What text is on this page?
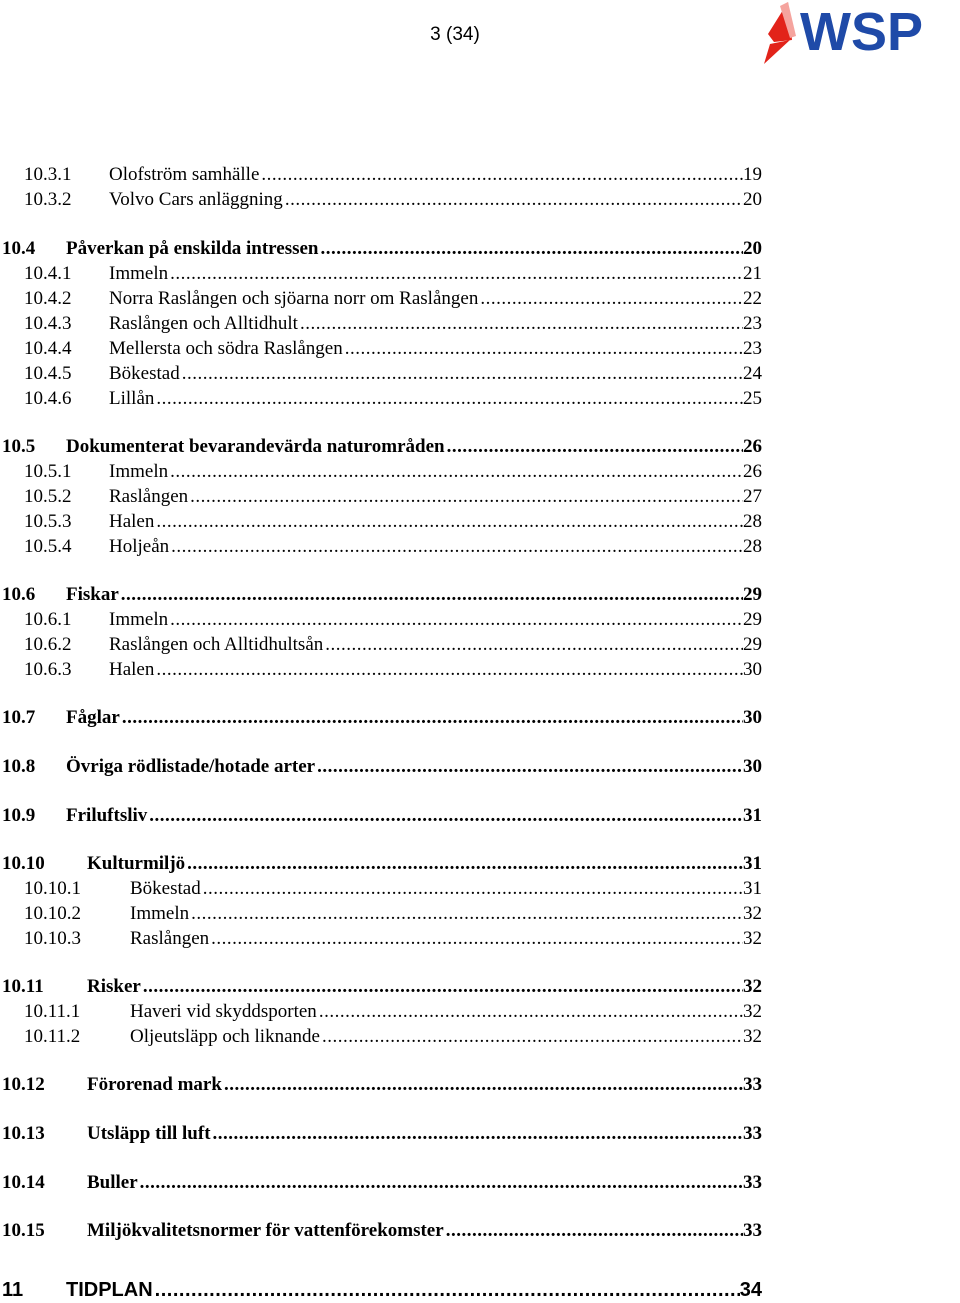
3 (34)	WSP
10.3.1 Olofström samhälle .....	19
10.3.2 Volvo Cars anläggning .....	20
10.4 Påverkan på enskilda intressen .....	20
10.4.1 Immeln .....	21
10.4.2 Norra Raslången och sjöarna norr om Raslången .....	22
10.4.3 Raslången och Alltidhult .....	23
10.4.4 Mellersta och södra Raslången .....	23
10.4.5 Bökestad .....	24
10.4.6 Lillån .....	25
10.5 Dokumenterat bevarandevärda naturområden .....	26
10.5.1 Immeln .....	26
10.5.2 Raslången .....	27
10.5.3 Halen .....	28
10.5.4 Holjeån .....	28
10.6 Fiskar .....	29
10.6.1 Immeln .....	29
10.6.2 Raslången och Alltidhultsån .....	29
10.6.3 Halen .....	30
10.7 Fåglar .....	30
10.8 Övriga rödlistade/hotade arter .....	30
10.9 Friluftsliv .....	31
10.10 Kulturmiljö .....	31
10.10.1	Bökestad .....	31
10.10.2	Immeln .....	32
10.10.3	Raslången .....	32
10.11 Risker .....	32
10.11.1	Haveri vid skyddsporten .....	32
10.11.2	Oljeutsläpp och liknande .....	32
10.12 Förorenad mark .....	33
10.13 Utsläpp till luft .....	33
10.14 Buller .....	33
10.15 Miljökvalitetsnormer för vattenförekomster .....	33
11 TIDPLAN .....	34
